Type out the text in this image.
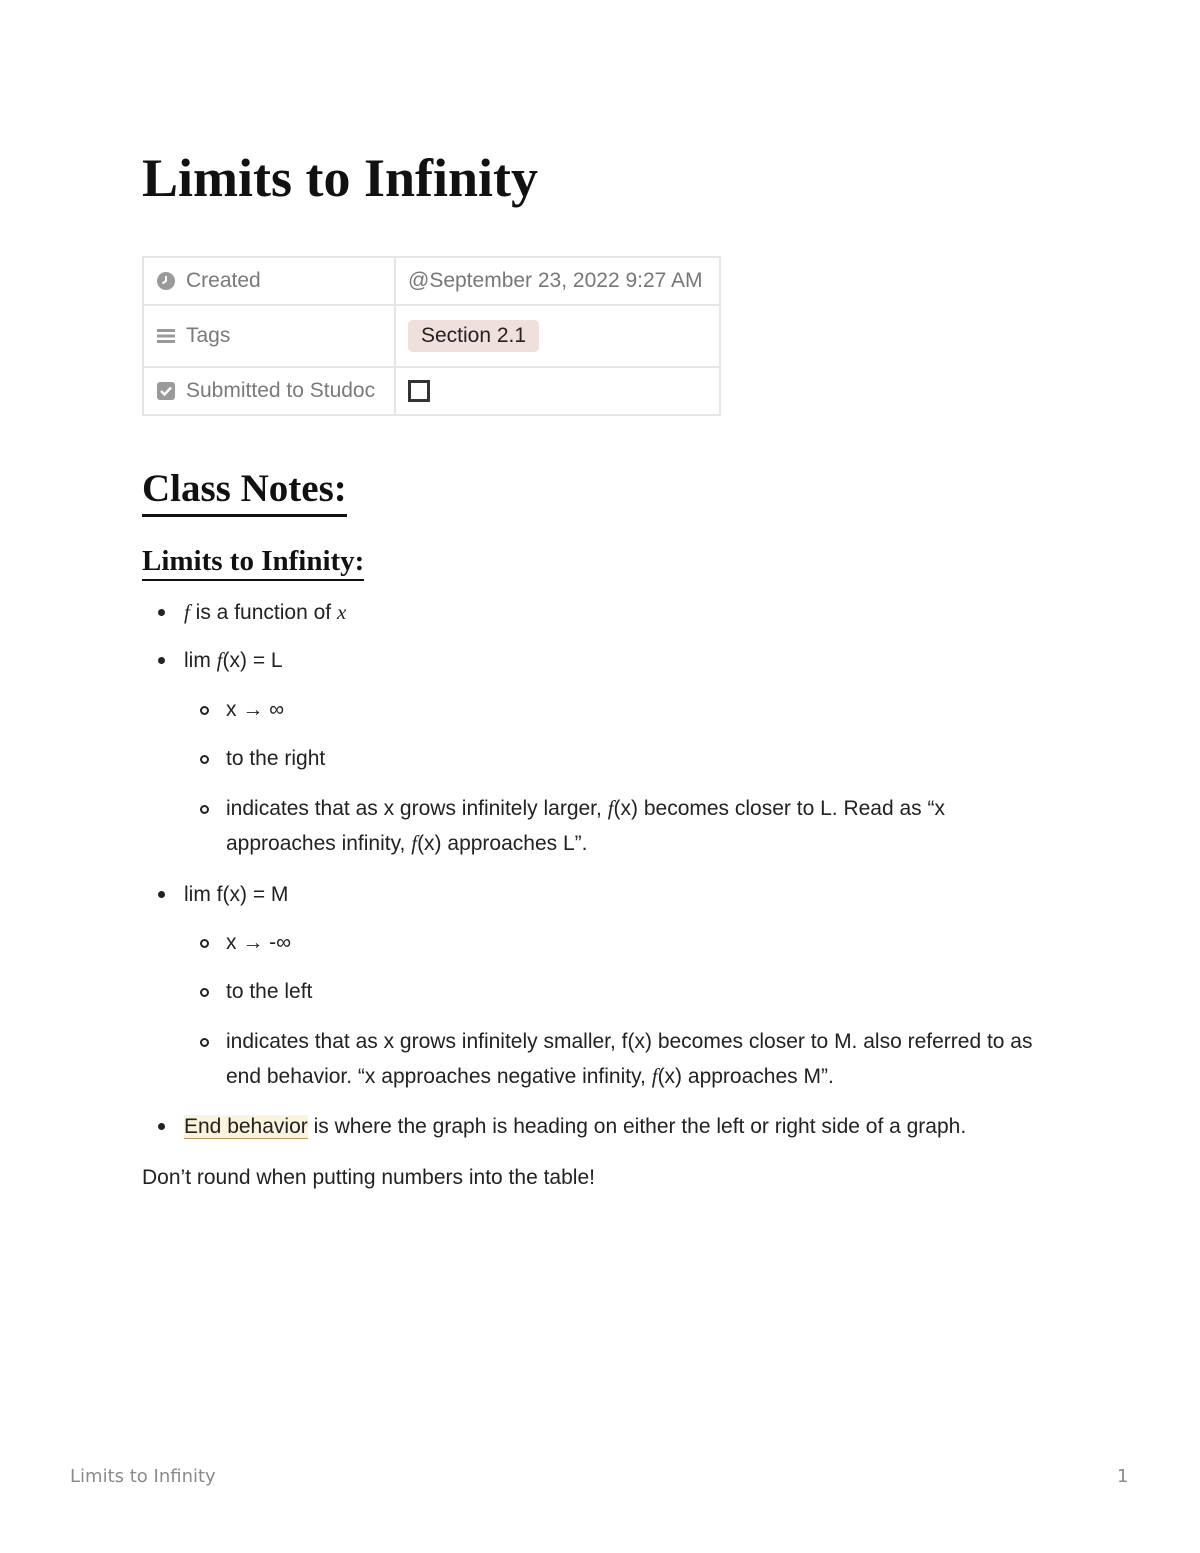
Limits to Infinity
Created	@September 23, 2022 9:27 AM

Tags	Section 2.1

Submitted to Studoc	

Class Notes:
Limits to Infinity:
f is a function of x
lim f(x) = L
x → ∞
to the right
indicates that as x grows infinitely larger, f(x) becomes closer to L. Read as “x
approaches infinity, f(x) approaches L”.
lim f(x) = M
x → -∞
to the left
indicates that as x grows infinitely smaller, f(x) becomes closer to M. also referred to as
end behavior. “x approaches negative infinity, f(x) approaches M”.
End behavior is where the graph is heading on either the left or right side of a graph.
Don’t round when putting numbers into the table!
Limits to Infinity	1
